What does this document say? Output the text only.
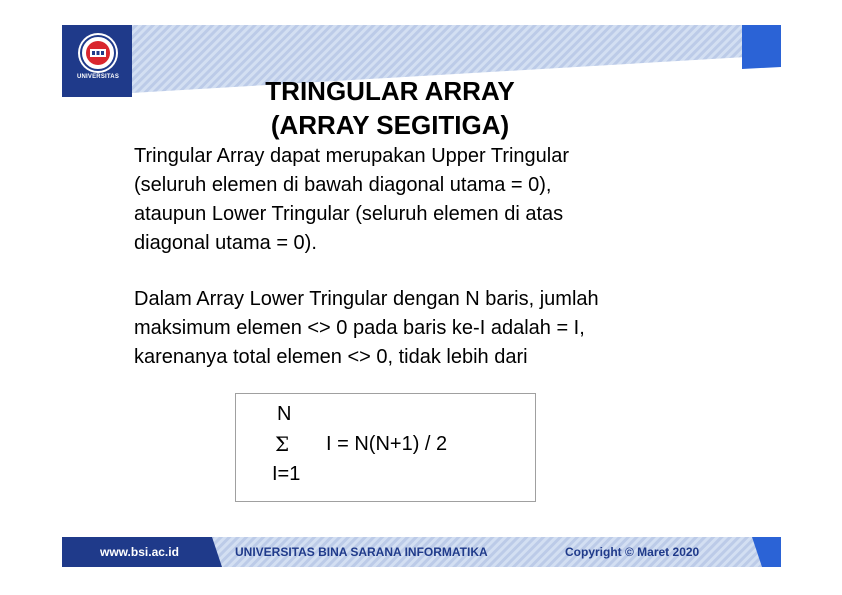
UNIVERSITAS	TRINGULAR ARRAY
(ARRAY SEGITIGA)
Tringular Array dapat merupakan Upper Tringular
(seluruh elemen di bawah diagonal utama = 0),
ataupun Lower Tringular (seluruh elemen di atas
diagonal utama = 0).
Dalam Array Lower Tringular dengan N baris, jumlah
maksimum elemen <> 0 pada baris ke-I adalah = I,
karenanya total elemen <> 0, tidak lebih dari
N
Σ
I=1
I = N(N+1) / 2
www.bsi.ac.id	UNIVERSITAS BINA SARANA INFORMATIKA	Copyright © Maret 2020
